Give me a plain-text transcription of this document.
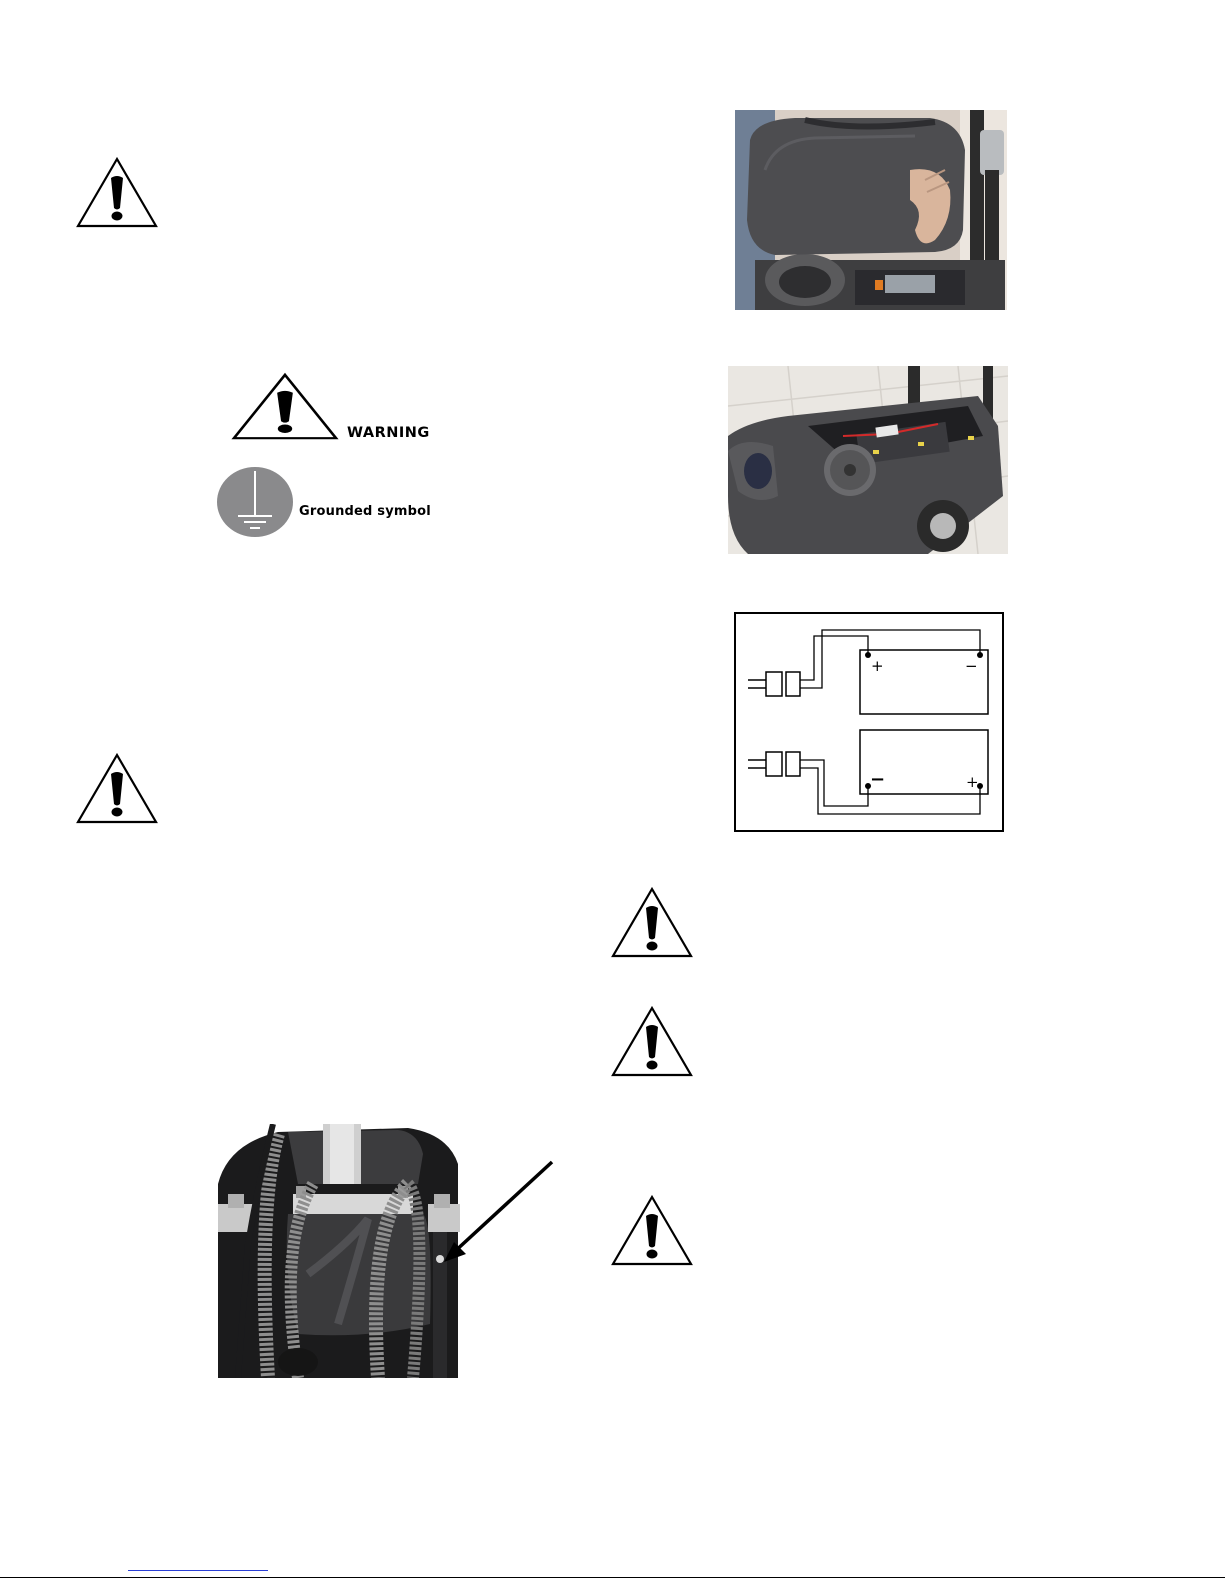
WARNING
Grounded symbol
+	−
−	+
